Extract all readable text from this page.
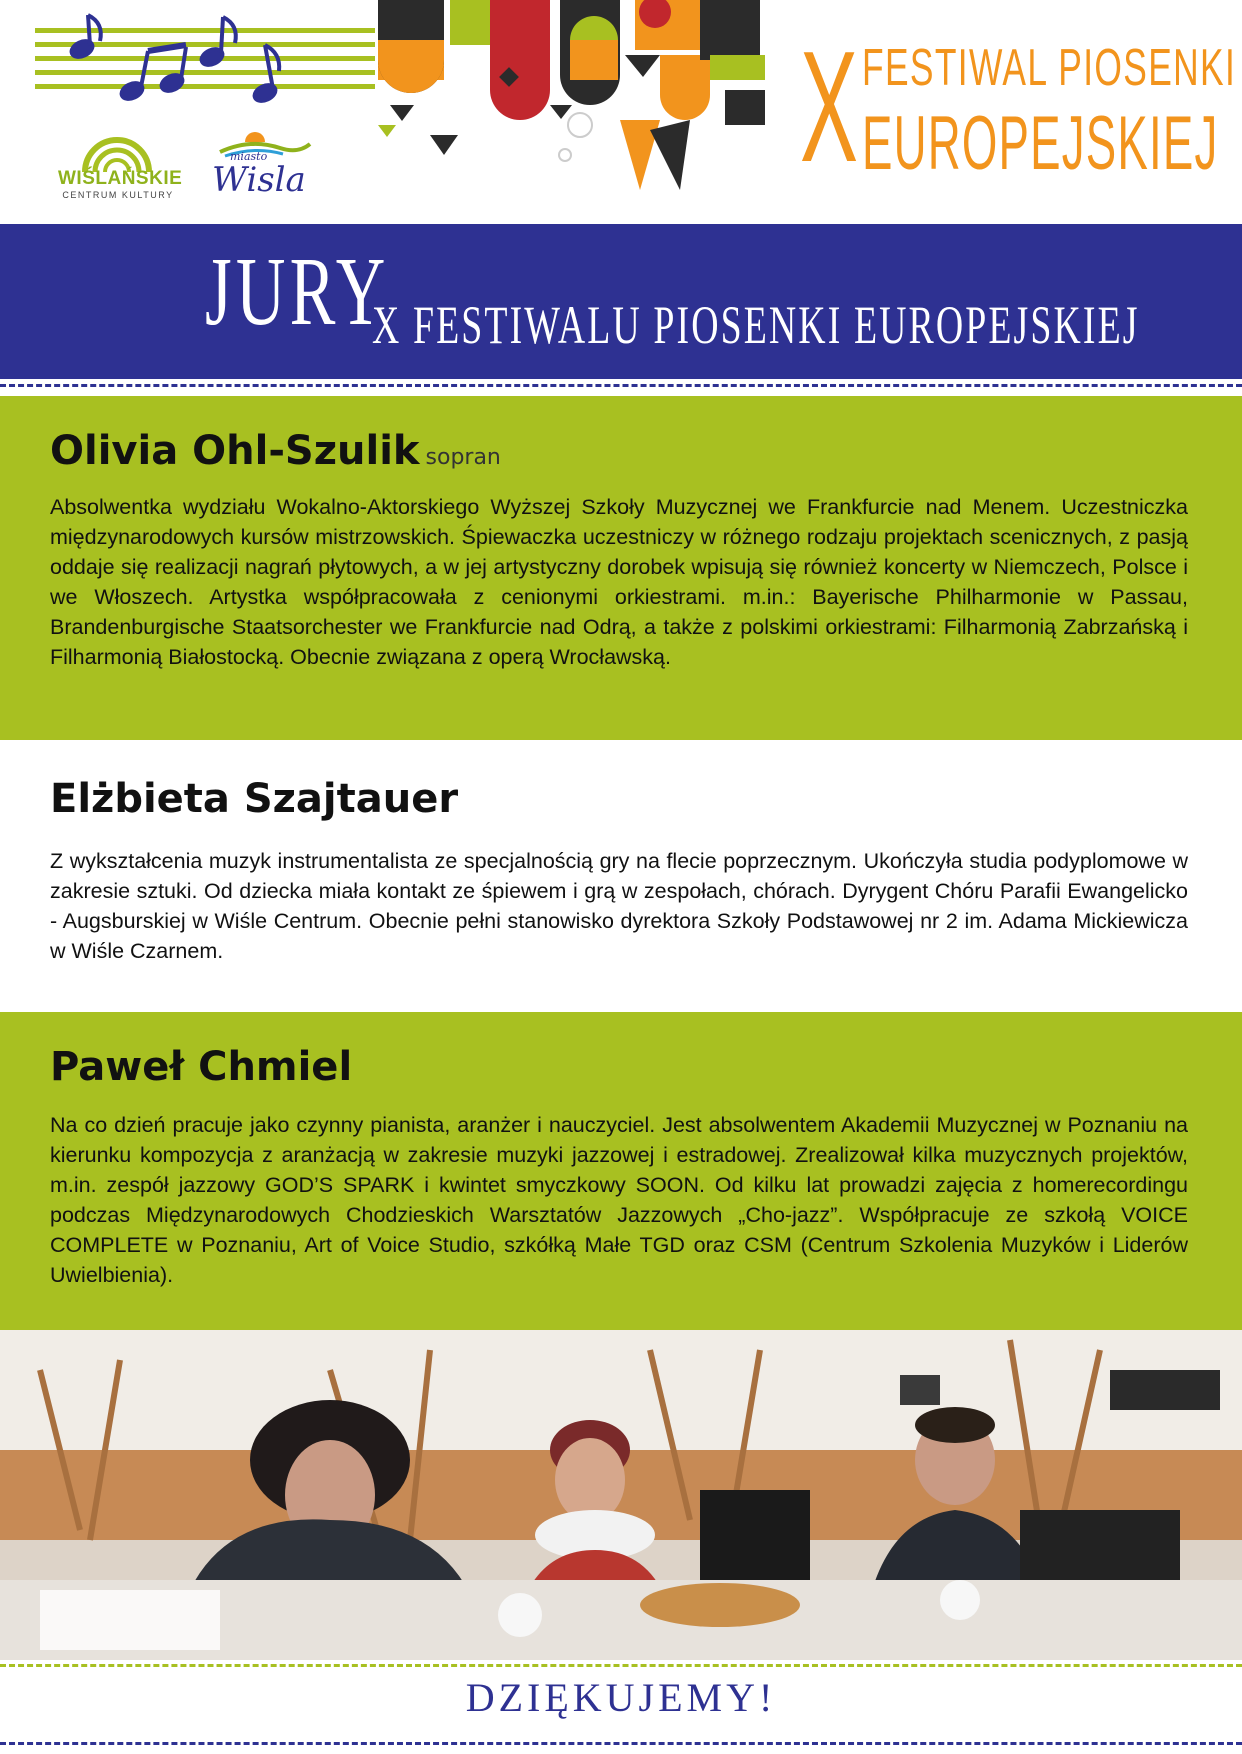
WIŚLAŃSKIE
CENTRUM KULTURY
miasto
Wisla	X FESTIWAL PIOSENKI
EUROPEJSKIEJ
JURY
X FESTIWALU PIOSENKI EUROPEJSKIEJ
Olivia Ohl-Szulik sopran
Absolwentka wydziału Wokalno-Aktorskiego Wyższej Szkoły Muzycznej we Frankfurcie nad Menem. Uczestniczka międzynarodowych kursów mistrzowskich. Śpiewaczka uczestniczy w różnego rodzaju projektach scenicznych, z pasją oddaje się realizacji nagrań płytowych, a w jej artystyczny dorobek wpisują się również koncerty w Niemczech, Polsce i we Włoszech. Artystka współpracowała z cenionymi orkiestrami. m.in.: Bayerische Philharmonie w Passau, Brandenburgische Staatsorchester we Frankfurcie nad Odrą, a także z polskimi orkiestrami: Filharmonią Zabrzańską i Filharmonią Białostocką. Obecnie związana z operą Wrocławską.
Elżbieta Szajtauer
Z wykształcenia muzyk instrumentalista ze specjalnością gry na flecie poprzecznym. Ukończyła studia podyplomowe w zakresie sztuki. Od dziecka miała kontakt ze śpiewem i grą w zespołach, chórach. Dyrygent Chóru Parafii Ewangelicko - Augsburskiej w Wiśle Centrum. Obecnie pełni stanowisko dyrektora Szkoły Podstawowej nr 2 im. Adama Mickiewicza w Wiśle Czarnem.
Paweł Chmiel
Na co dzień pracuje jako czynny pianista, aranżer i nauczyciel. Jest absolwentem Akademii Muzycznej w Poznaniu na kierunku kompozycja z aranżacją w zakresie muzyki jazzowej i estradowej. Zrealizował kilka muzycznych projektów, m.in. zespół jazzowy GOD’S SPARK i kwintet smyczkowy SOON. Od kilku lat prowadzi zajęcia z homerecordingu podczas Międzynarodowych Chodzieskich Warsztatów Jazzowych „Cho-jazz”. Współpracuje ze szkołą VOICE COMPLETE w Poznaniu, Art of Voice Studio, szkółką Małe TGD oraz CSM (Centrum Szkolenia Muzyków i Liderów Uwielbienia).
DZIĘKUJEMY!
